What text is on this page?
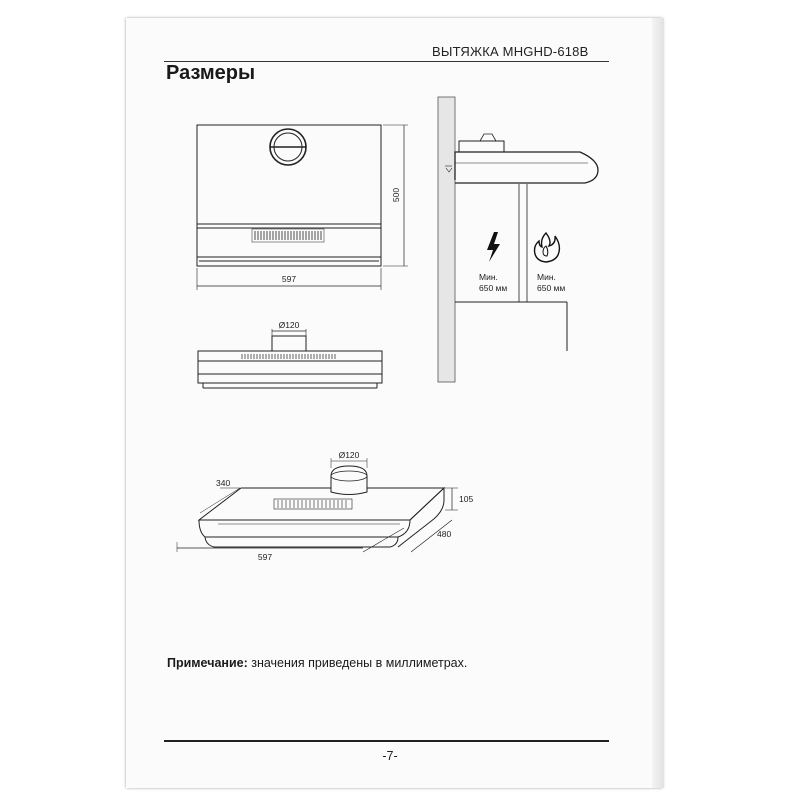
ВЫТЯЖКА MHGHD-618B
Размеры
597
500
Ø120
Мин.
650 мм
Мин.
650 мм
Ø120
340
597
105
480
Примечание: значения приведены в миллиметрах.
-7-
